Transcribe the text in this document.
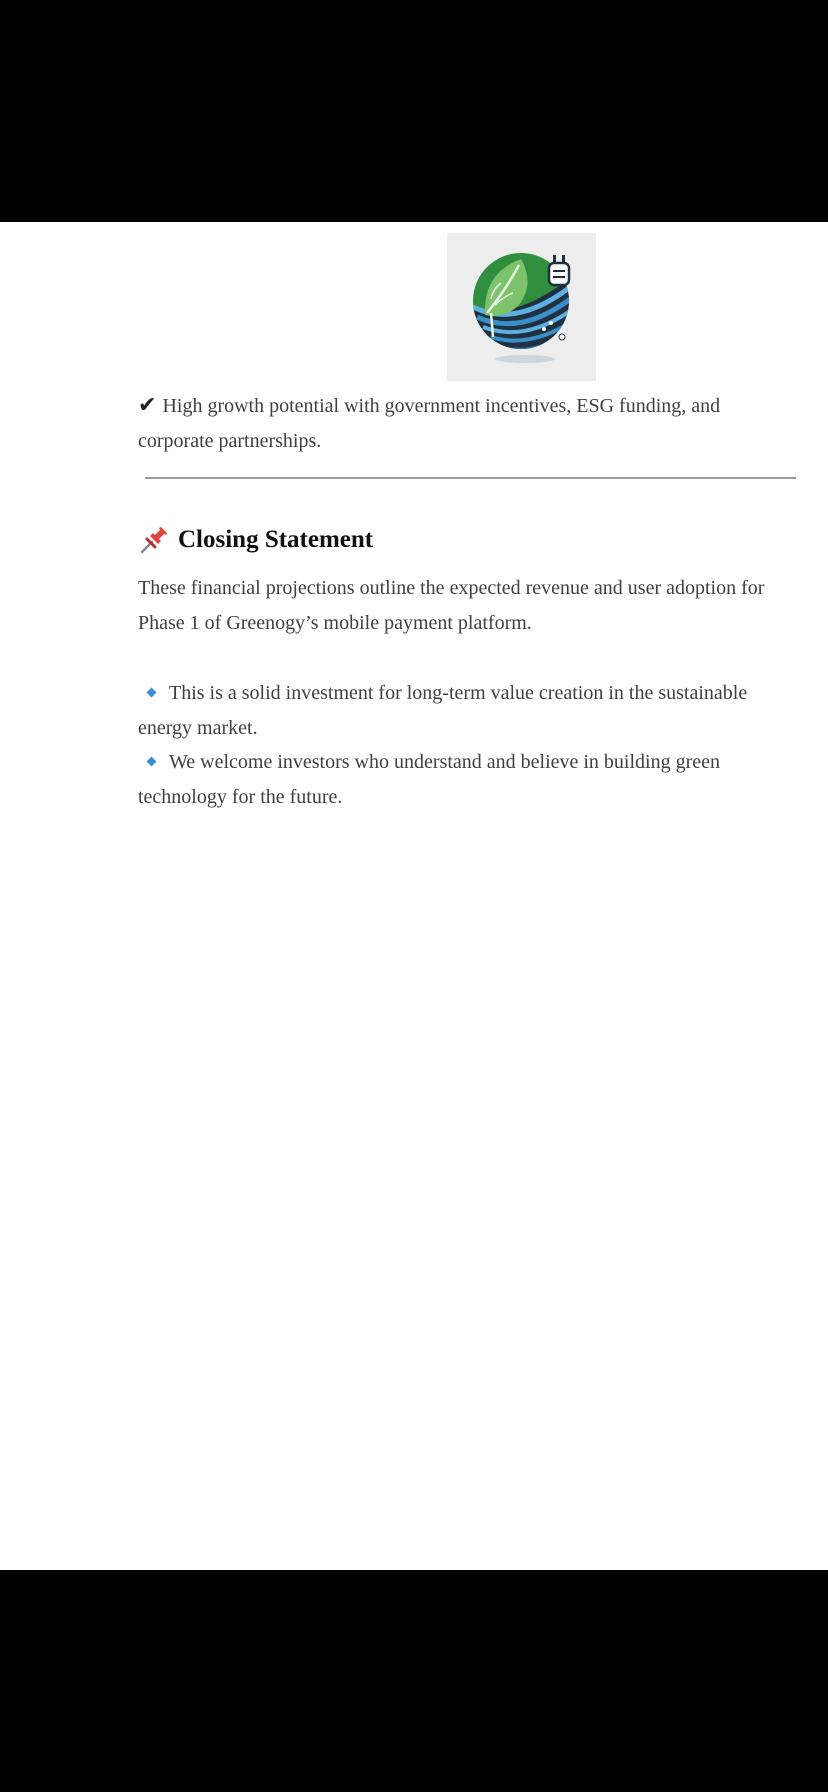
✔ High growth potential with government incentives, ESG funding, and corporate partnerships.

Closing Statement

These financial projections outline the expected revenue and user adoption for Phase 1 of Greenogy’s mobile payment platform.

This is a solid investment for long-term value creation in the sustainable energy market.

We welcome investors who understand and believe in building green technology for the future.
